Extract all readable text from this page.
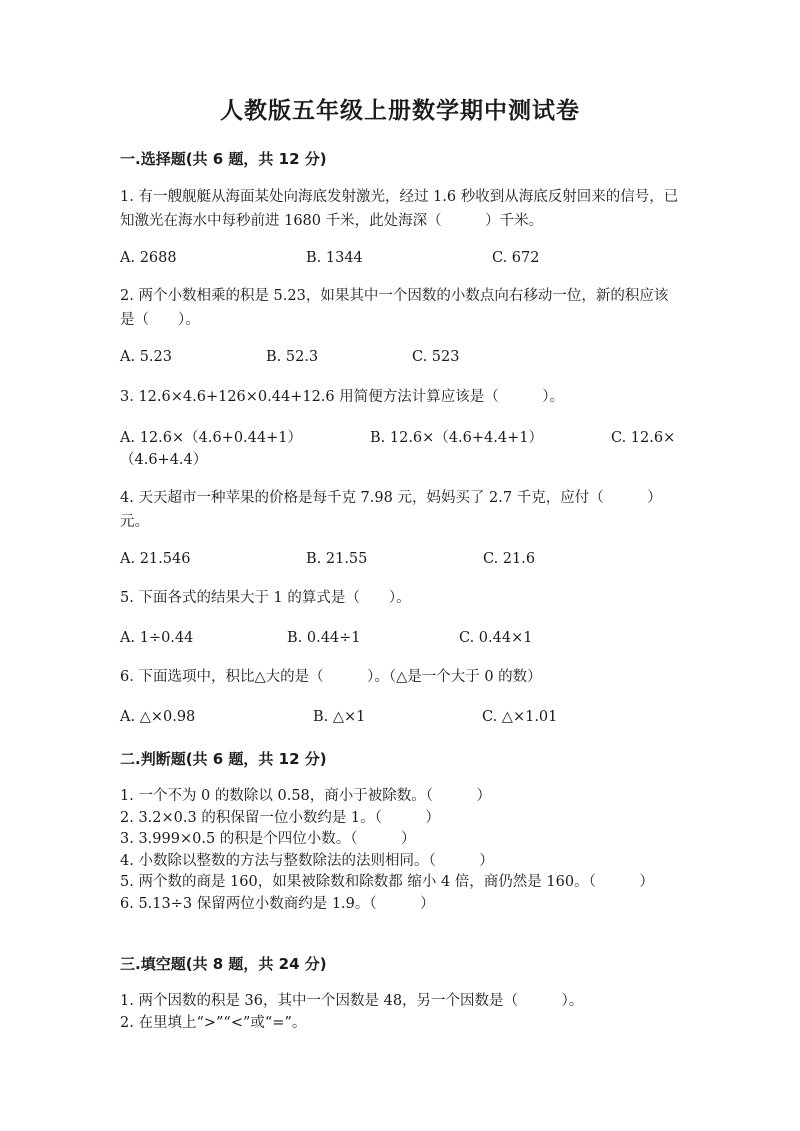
人教版五年级上册数学期中测试卷
一.选择题(共 6 题，共 12 分)
1. 有一艘舰艇从海面某处向海底发射激光，经过 1.6 秒收到从海底反射回来的信号，已知激光在海水中每秒前进 1680 千米，此处海深（　　　）千米。
A. 2688	B. 1344	C. 672
2. 两个小数相乘的积是 5.23，如果其中一个因数的小数点向右移动一位，新的积应该是（　　）。
A. 5.23	B. 52.3	C. 523
3. 12.6×4.6+126×0.44+12.6 用简便方法计算应该是（　　　）。
A. 12.6×（4.6+0.44+1）	B. 12.6×（4.6+4.4+1）	C. 12.6×
（4.6+4.4）
4. 天天超市一种苹果的价格是每千克 7.98 元，妈妈买了 2.7 千克，应付（　　　）元。
A. 21.546	B. 21.55	C. 21.6
5. 下面各式的结果大于 1 的算式是（　　）。
A. 1÷0.44	B. 0.44÷1	C. 0.44×1
6. 下面选项中，积比△大的是（　　　）。（△是一个大于 0 的数）
A. △×0.98	B. △×1	C. △×1.01
二.判断题(共 6 题，共 12 分)
1. 一个不为 0 的数除以 0.58，商小于被除数。（　　　）
2. 3.2×0.3 的积保留一位小数约是 1。（　　　）
3. 3.999×0.5 的积是个四位小数。（　　　）
4. 小数除以整数的方法与整数除法的法则相同。（　　　）
5. 两个数的商是 160，如果被除数和除数都 缩小 4 倍，商仍然是 160。（　　　）
6. 5.13÷3 保留两位小数商约是 1.9。（　　　）
三.填空题(共 8 题，共 24 分)
1. 两个因数的积是 36，其中一个因数是 48，另一个因数是（　　　）。
2. 在里填上“>”“<”或“=”。
